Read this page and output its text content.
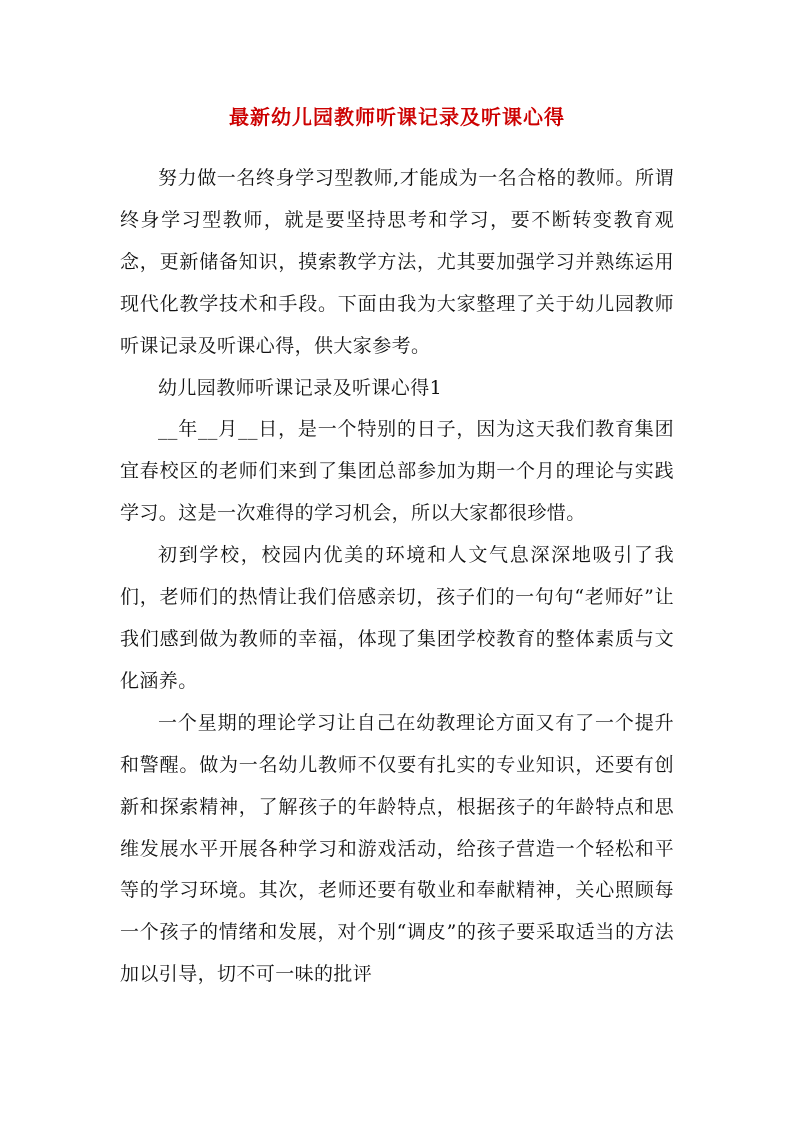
最新幼儿园教师听课记录及听课心得

努力做一名终身学习型教师,才能成为一名合格的教师。所谓终身学习型教师，就是要坚持思考和学习，要不断转变教育观念，更新储备知识，摸索教学方法，尤其要加强学习并熟练运用现代化教学技术和手段。下面由我为大家整理了关于幼儿园教师听课记录及听课心得，供大家参考。

幼儿园教师听课记录及听课心得1

__年__月__日，是一个特别的日子，因为这天我们教育集团宜春校区的老师们来到了集团总部参加为期一个月的理论与实践学习。这是一次难得的学习机会，所以大家都很珍惜。

初到学校，校园内优美的环境和人文气息深深地吸引了我们，老师们的热情让我们倍感亲切，孩子们的一句句“老师好”让我们感到做为教师的幸福，体现了集团学校教育的整体素质与文化涵养。

一个星期的理论学习让自己在幼教理论方面又有了一个提升和警醒。做为一名幼儿教师不仅要有扎实的专业知识，还要有创新和探索精神，了解孩子的年龄特点，根据孩子的年龄特点和思维发展水平开展各种学习和游戏活动，给孩子营造一个轻松和平等的学习环境。其次，老师还要有敬业和奉献精神，关心照顾每一个孩子的情绪和发展，对个别“调皮”的孩子要采取适当的方法加以引导，切不可一味的批评
